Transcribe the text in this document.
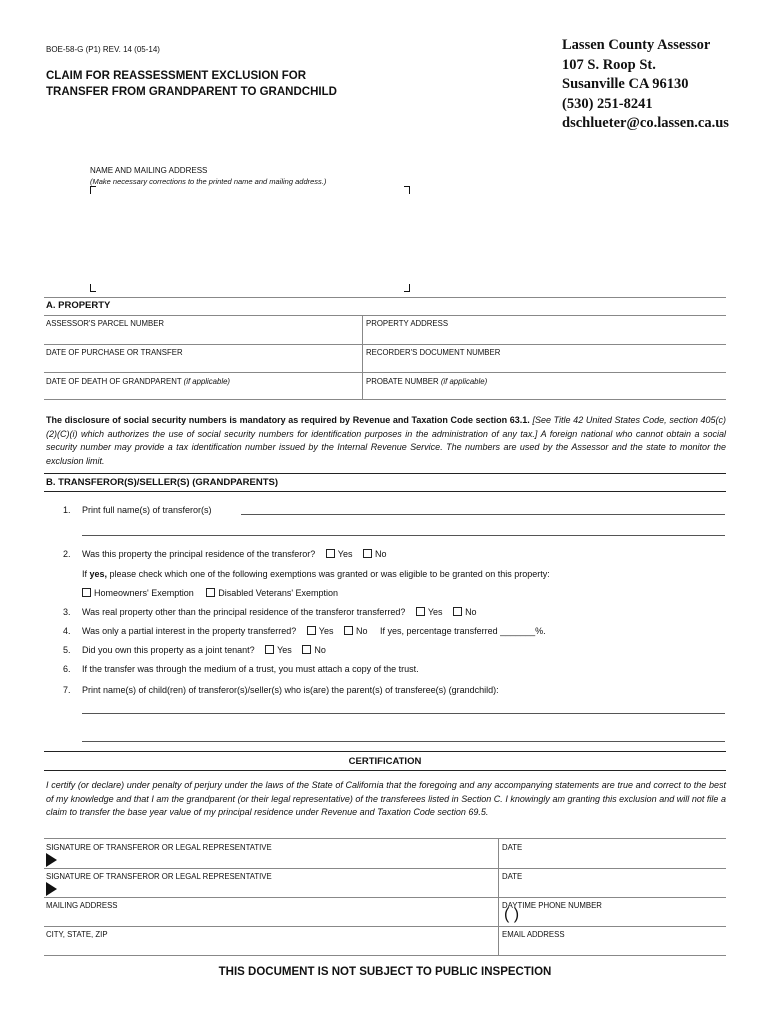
BOE-58-G (P1) REV. 14 (05-14)
CLAIM FOR REASSESSMENT EXCLUSION FOR
TRANSFER FROM GRANDPARENT TO GRANDCHILD
Lassen County Assessor
107 S. Roop St.
Susanville CA 96130
(530) 251-8241
dschlueter@co.lassen.ca.us
NAME AND MAILING ADDRESS
(Make necessary corrections to the printed name and mailing address.)
A. PROPERTY
ASSESSOR'S PARCEL NUMBER	PROPERTY ADDRESS
DATE OF PURCHASE OR TRANSFER	RECORDER'S DOCUMENT NUMBER
DATE OF DEATH OF GRANDPARENT (if applicable)	PROBATE NUMBER (if applicable)
The disclosure of social security numbers is mandatory as required by Revenue and Taxation Code section 63.1. [See Title 42 United States Code, section 405(c)(2)(C)(i) which authorizes the use of social security numbers for identification purposes in the administration of any tax.] A foreign national who cannot obtain a social security number may provide a tax identification number issued by the Internal Revenue Service. The numbers are used by the Assessor and the state to monitor the exclusion limit.
B. TRANSFEROR(S)/SELLER(S) (GRANDPARENTS)
1. Print full name(s) of transferor(s)
2. Was this property the principal residence of the transferor?	Yes	No
If yes, please check which one of the following exemptions was granted or was eligible to be granted on this property:
Homeowners' Exemption	Disabled Veterans' Exemption
3. Was real property other than the principal residence of the transferor transferred?	Yes	No
4. Was only a partial interest in the property transferred?	Yes	No If yes, percentage transferred _______%.
5. Did you own this property as a joint tenant?	Yes	No
6. If the transfer was through the medium of a trust, you must attach a copy of the trust.
7. Print name(s) of child(ren) of transferor(s)/seller(s) who is(are) the parent(s) of transferee(s) (grandchild):
CERTIFICATION
I certify (or declare) under penalty of perjury under the laws of the State of California that the foregoing and any accompanying statements are true and correct to the best of my knowledge and that I am the grandparent (or their legal representative) of the transferees listed in Section C. I knowingly am granting this exclusion and will not file a claim to transfer the base year value of my principal residence under Revenue and Taxation Code section 69.5.
SIGNATURE OF TRANSFEROR OR LEGAL REPRESENTATIVE	DATE
SIGNATURE OF TRANSFEROR OR LEGAL REPRESENTATIVE	DATE
MAILING ADDRESS	DAYTIME PHONE NUMBER
( )
CITY, STATE, ZIP	EMAIL ADDRESS
THIS DOCUMENT IS NOT SUBJECT TO PUBLIC INSPECTION
